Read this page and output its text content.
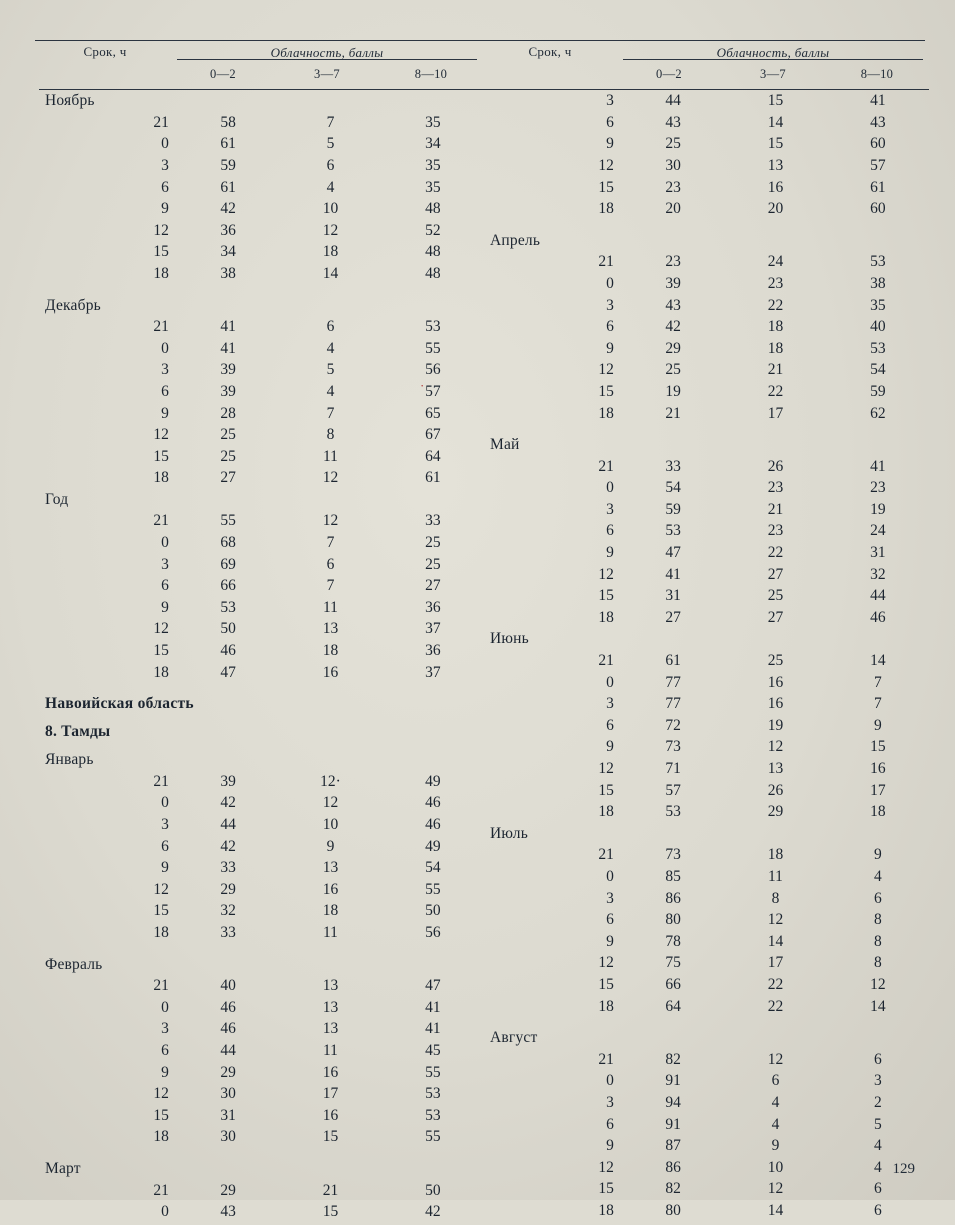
Срок, ч	Облачность, баллы	Срок, ч	Облачность, баллы

0—2	3—7	8—10		0—2	3—7	8—10
Ноябрь
21	58	7	35
0	61	5	34
3	59	6	35
6	61	4	35
9	42	10	48
12	36	12	52
15	34	18	48
18	38	14	48
Декабрь
21	41	6	53
0	41	4	55
3	39	5	56
6	39	4	57
9	28	7	65
12	25	8	67
15	25	11	64
18	27	12	61
Год
21	55	12	33
0	68	7	25
3	69	6	25
6	66	7	27
9	53	11	36
12	50	13	37
15	46	18	36
18	47	16	37
Навоийская область
8. Тамды
Январь
21	39	12·	49
0	42	12	46
3	44	10	46
6	42	9	49
9	33	13	54
12	29	16	55
15	32	18	50
18	33	11	56
Февраль
21	40	13	47
0	46	13	41
3	46	13	41
6	44	11	45
9	29	16	55
12	30	17	53
15	31	16	53
18	30	15	55
Март
21	29	21	50
0	43	15	42
3	44	15	41
6	43	14	43
9	25	15	60
12	30	13	57
15	23	16	61
18	20	20	60
Апрель
21	23	24	53
0	39	23	38
3	43	22	35
6	42	18	40
9	29	18	53
12	25	21	54
15	19	22	59
18	21	17	62
Май
21	33	26	41
0	54	23	23
3	59	21	19
6	53	23	24
9	47	22	31
12	41	27	32
15	31	25	44
18	27	27	46
Июнь
21	61	25	14
0	77	16	7
3	77	16	7
6	72	19	9
9	73	12	15
12	71	13	16
15	57	26	17
18	53	29	18
Июль
21	73	18	9
0	85	11	4
3	86	8	6
6	80	12	8
9	78	14	8
12	75	17	8
15	66	22	12
18	64	22	14
Август
21	82	12	6
0	91	6	3
3	94	4	2
6	91	4	5
9	87	9	4
12	86	10	4
15	82	12	6
18	80	14	6
·
129
